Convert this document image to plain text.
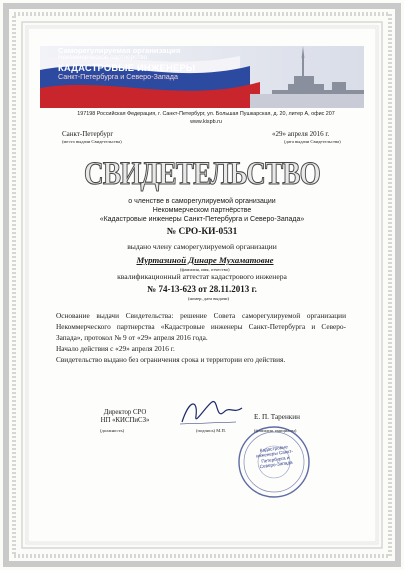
Саморегулируемая организация
Некоммерческое партнерство
КАДАСТРОВЫЕ ИНЖЕНЕРЫ
Санкт-Петербурга и Северо-Запада
197198 Российская Федерация, г. Санкт-Петербург, ул. Большая Пушкарская, д. 20, литер А, офис 207
www.kispb.ru
Санкт-Петербург
(место выдачи Свидетельства)
«29» апреля 2016 г.
(дата выдачи Свидетельства)
СВИДЕТЕЛЬСТВО
о членстве в саморегулируемой организации
Некоммерческом партнёрстве
«Кадастровые инженеры Санкт-Петербурга и Северо-Запада»
№ СРО-КИ-0531
выдано члену саморегулируемой организации
Муртазиной Динаре Мухаматовне
(фамилия, имя, отчество)
квалификационный аттестат кадастрового инженера
№ 74-13-623 от 28.11.2013 г.
(номер, дата выдачи)

Основание выдачи Свидетельства: решение Совета саморегулируемой организации Некоммерческого партнерства «Кадастровые инженеры Санкт-Петербурга и Северо-Запада», протокол № 9 от «29» апреля 2016 года.

Начало действия с «29» апреля 2016 г.

Свидетельство выдано без ограничения срока и территории его действия.
Директор СРО
НП «КИСПиСЗ»
(должность)	(подпись) М.П.
Е. П. Таренкин
(фамилия, инициалы)
Кадастровые инженеры Санкт-Петербурга и Северо-Запада
